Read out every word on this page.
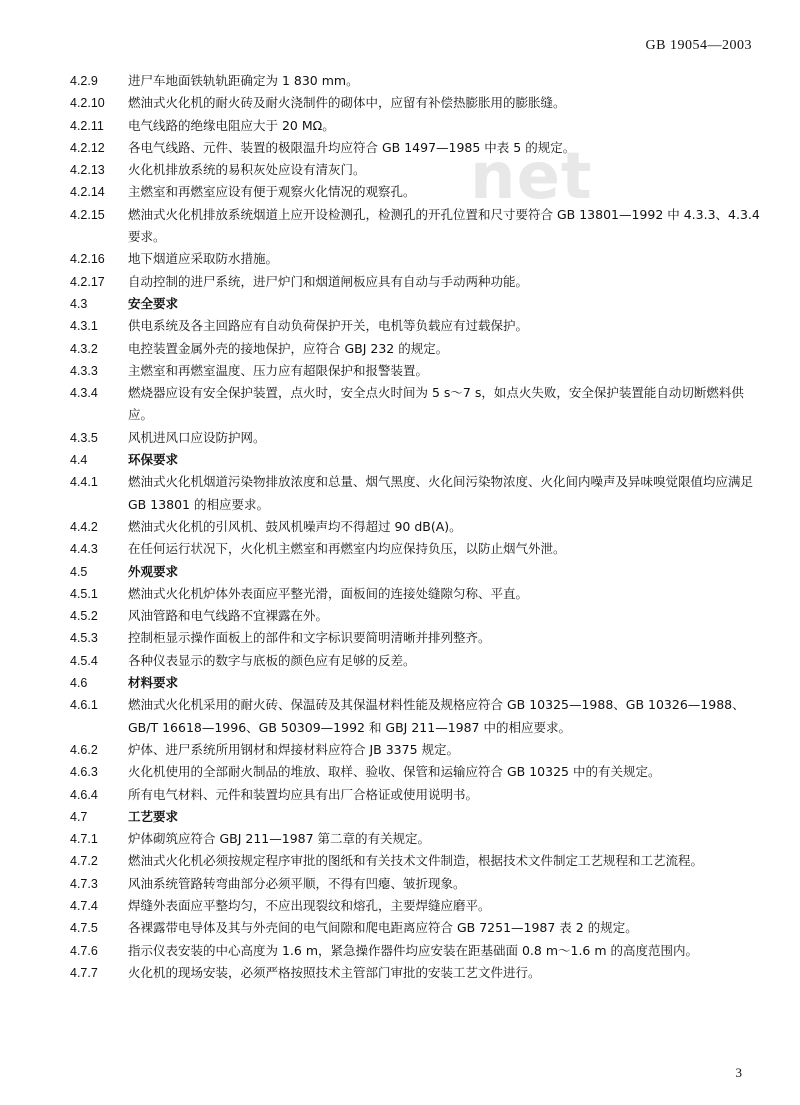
GB 19054—2003
net
4.2.9 进尸车地面铁轨轨距确定为 1 830 mm。
4.2.10 燃油式火化机的耐火砖及耐火浇制件的砌体中，应留有补偿热膨胀用的膨胀缝。
4.2.11 电气线路的绝缘电阻应大于 20 MΩ。
4.2.12 各电气线路、元件、装置的极限温升均应符合 GB 1497—1985 中表 5 的规定。
4.2.13 火化机排放系统的易积灰处应设有清灰门。
4.2.14 主燃室和再燃室应设有便于观察火化情况的观察孔。
4.2.15 燃油式火化机排放系统烟道上应开设检测孔，检测孔的开孔位置和尺寸要符合 GB 13801—1992 中 4.3.3、4.3.4 要求。
4.2.16 地下烟道应采取防水措施。
4.2.17 自动控制的进尸系统，进尸炉门和烟道闸板应具有自动与手动两种功能。
4.3	安全要求
4.3.1 供电系统及各主回路应有自动负荷保护开关，电机等负载应有过载保护。
4.3.2 电控装置金属外壳的接地保护，应符合 GBJ 232 的规定。
4.3.3 主燃室和再燃室温度、压力应有超限保护和报警装置。
4.3.4 燃烧器应设有安全保护装置，点火时，安全点火时间为 5 s～7 s，如点火失败，安全保护装置能自动切断燃料供应。
4.3.5 风机进风口应设防护网。
4.4	环保要求
4.4.1 燃油式火化机烟道污染物排放浓度和总量、烟气黑度、火化间污染物浓度、火化间内噪声及异味嗅觉限值均应满足 GB 13801 的相应要求。
4.4.2 燃油式火化机的引风机、鼓风机噪声均不得超过 90 dB(A)。
4.4.3 在任何运行状况下，火化机主燃室和再燃室内均应保持负压，以防止烟气外泄。
4.5	外观要求
4.5.1 燃油式火化机炉体外表面应平整光滑，面板间的连接处缝隙匀称、平直。
4.5.2 风油管路和电气线路不宜裸露在外。
4.5.3 控制柜显示操作面板上的部件和文字标识要简明清晰并排列整齐。
4.5.4 各种仪表显示的数字与底板的颜色应有足够的反差。
4.6	材料要求
4.6.1 燃油式火化机采用的耐火砖、保温砖及其保温材料性能及规格应符合 GB 10325—1988、GB 10326—1988、GB/T 16618—1996、GB 50309—1992 和 GBJ 211—1987 中的相应要求。
4.6.2 炉体、进尸系统所用钢材和焊接材料应符合 JB 3375 规定。
4.6.3 火化机使用的全部耐火制品的堆放、取样、验收、保管和运输应符合 GB 10325 中的有关规定。
4.6.4 所有电气材料、元件和装置均应具有出厂合格证或使用说明书。
4.7	工艺要求
4.7.1 炉体砌筑应符合 GBJ 211—1987 第二章的有关规定。
4.7.2 燃油式火化机必须按规定程序审批的图纸和有关技术文件制造，根据技术文件制定工艺规程和工艺流程。
4.7.3 风油系统管路转弯曲部分必须平顺，不得有凹瘪、皱折现象。
4.7.4 焊缝外表面应平整均匀，不应出现裂纹和熔孔，主要焊缝应磨平。
4.7.5 各裸露带电导体及其与外壳间的电气间隙和爬电距离应符合 GB 7251—1987 表 2 的规定。
4.7.6 指示仪表安装的中心高度为 1.6 m，紧急操作器件均应安装在距基础面 0.8 m～1.6 m 的高度范围内。
4.7.7 火化机的现场安装，必须严格按照技术主管部门审批的安装工艺文件进行。
3
